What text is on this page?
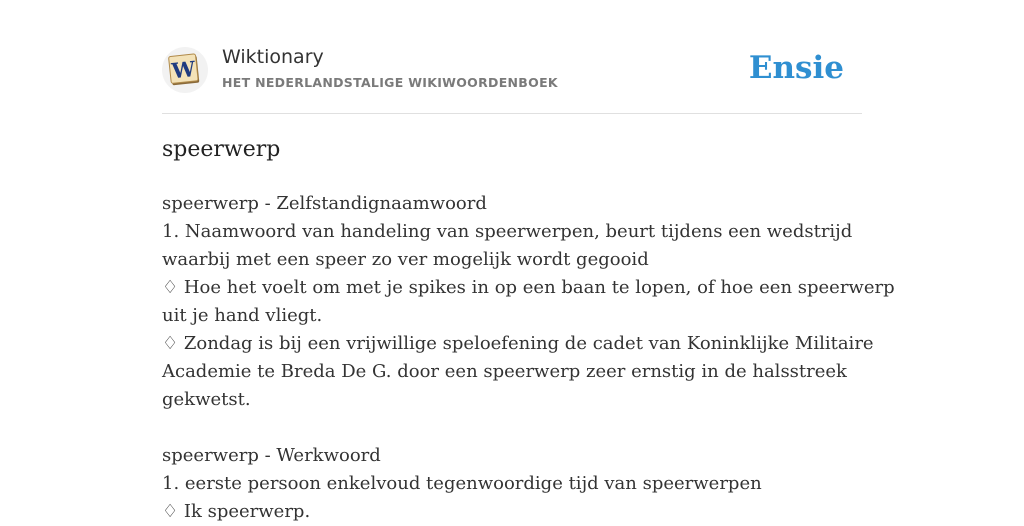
W Wiktionary
HET NEDERLANDSTALIGE WIKIWOORDENBOEK	Ensie
speerwerp
speerwerp - Zelfstandignaamwoord
1. Naamwoord van handeling van speerwerpen, beurt tijdens een wedstrijd
waarbij met een speer zo ver mogelijk wordt gegooid
♢ Hoe het voelt om met je spikes in op een baan te lopen, of hoe een speerwerp
uit je hand vliegt.
♢ Zondag is bij een vrijwillige speloefening de cadet van Koninklijke Militaire
Academie te Breda De G. door een speerwerp zeer ernstig in de halsstreek
gekwetst.
speerwerp - Werkwoord
1. eerste persoon enkelvoud tegenwoordige tijd van speerwerpen
♢ Ik speerwerp.
